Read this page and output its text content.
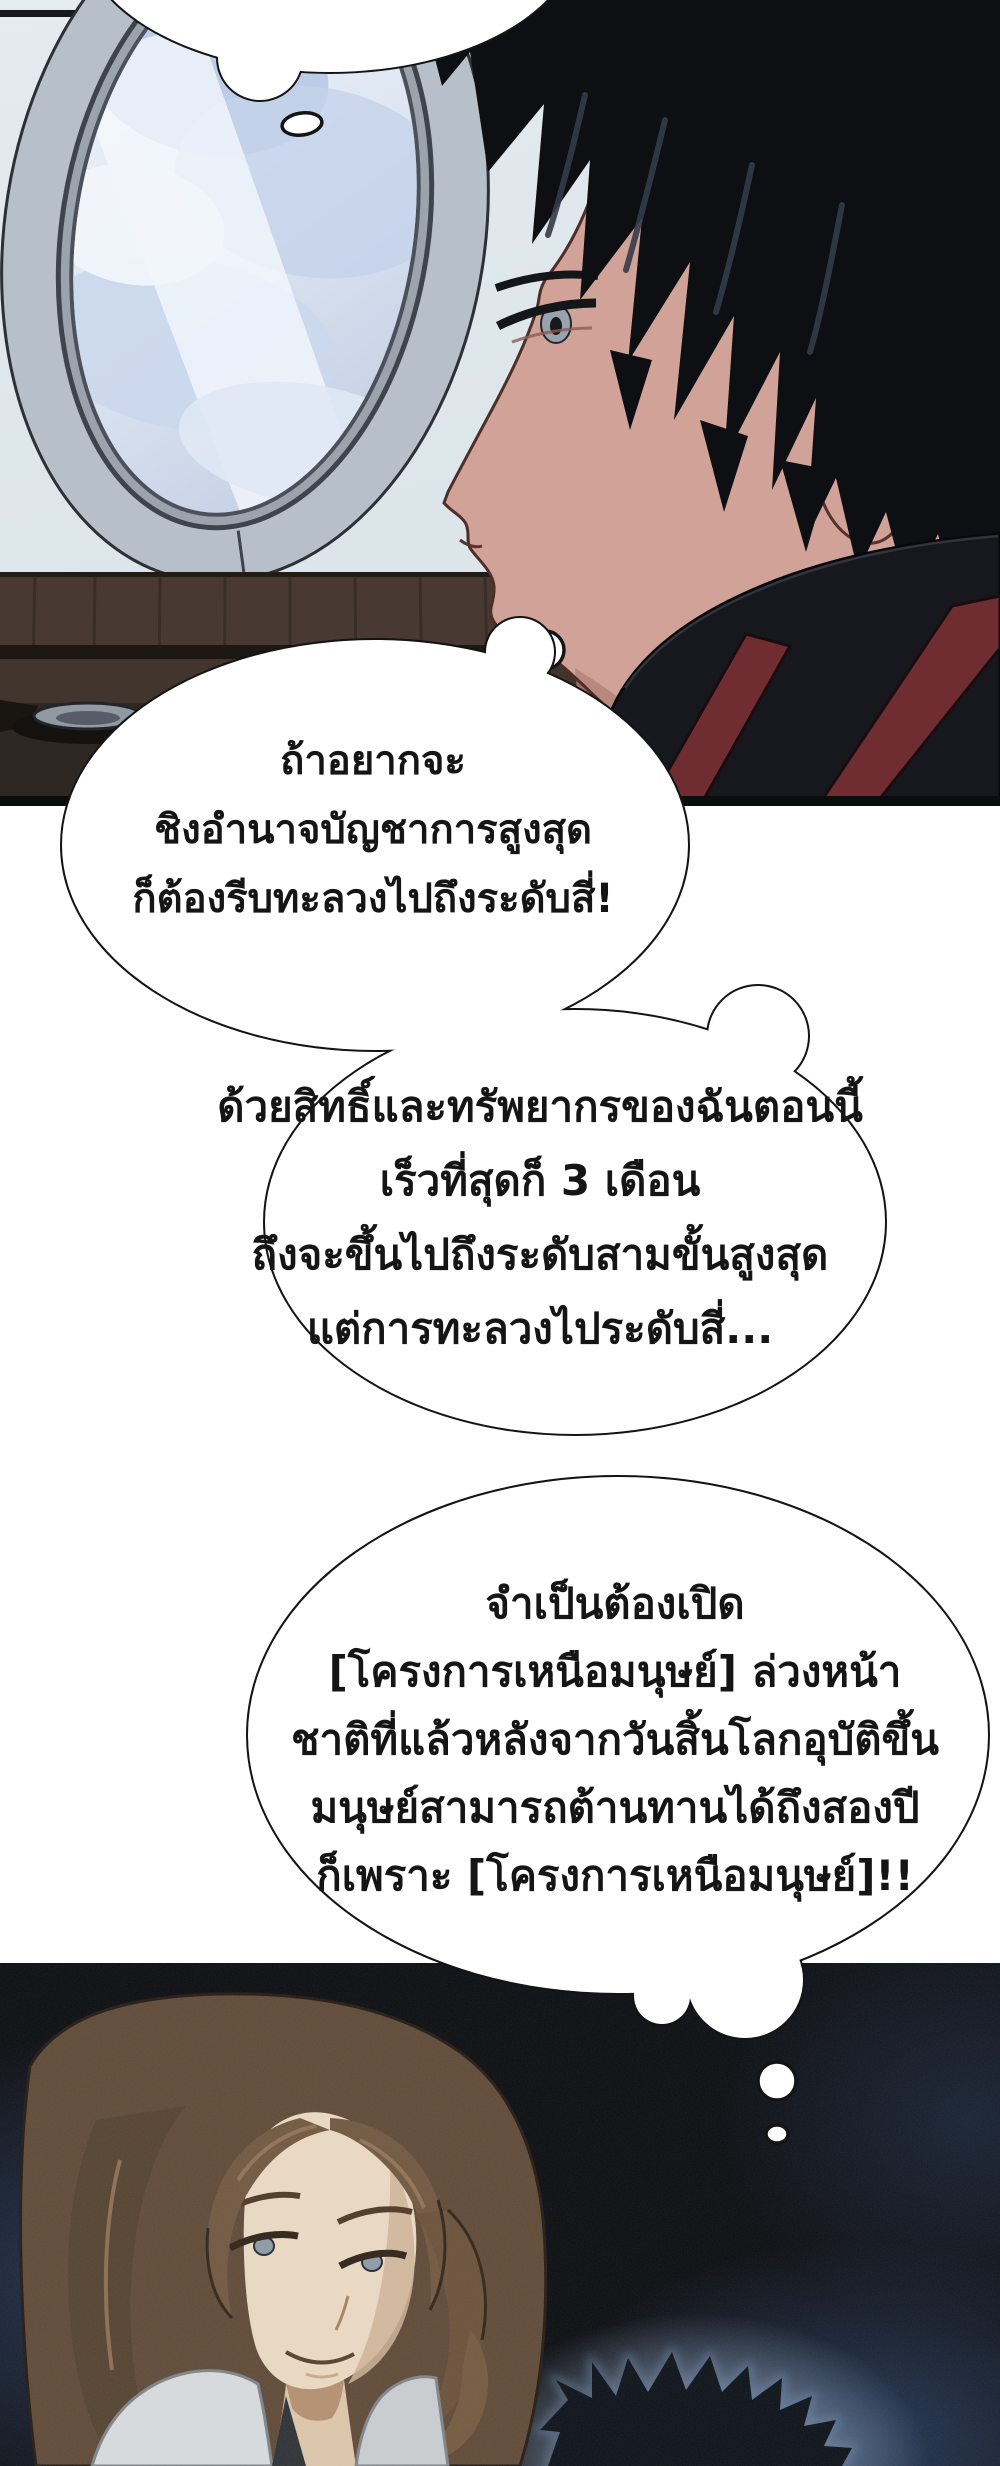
ถ้าอยากจะ
ชิงอำนาจบัญชาการสูงสุด
ก็ต้องรีบทะลวงไปถึงระดับสี่!
ด้วยสิทธิ์และทรัพยากรของฉันตอนนี้
เร็วที่สุดก็ 3 เดือน
ถึงจะขึ้นไปถึงระดับสามขั้นสูงสุด
แต่การทะลวงไประดับสี่...
จำเป็นต้องเปิด
[โครงการเหนือมนุษย์] ล่วงหน้า
ชาติที่แล้วหลังจากวันสิ้นโลกอุบัติขึ้น
มนุษย์สามารถต้านทานได้ถึงสองปี
ก็เพราะ [โครงการเหนือมนุษย์]!!
